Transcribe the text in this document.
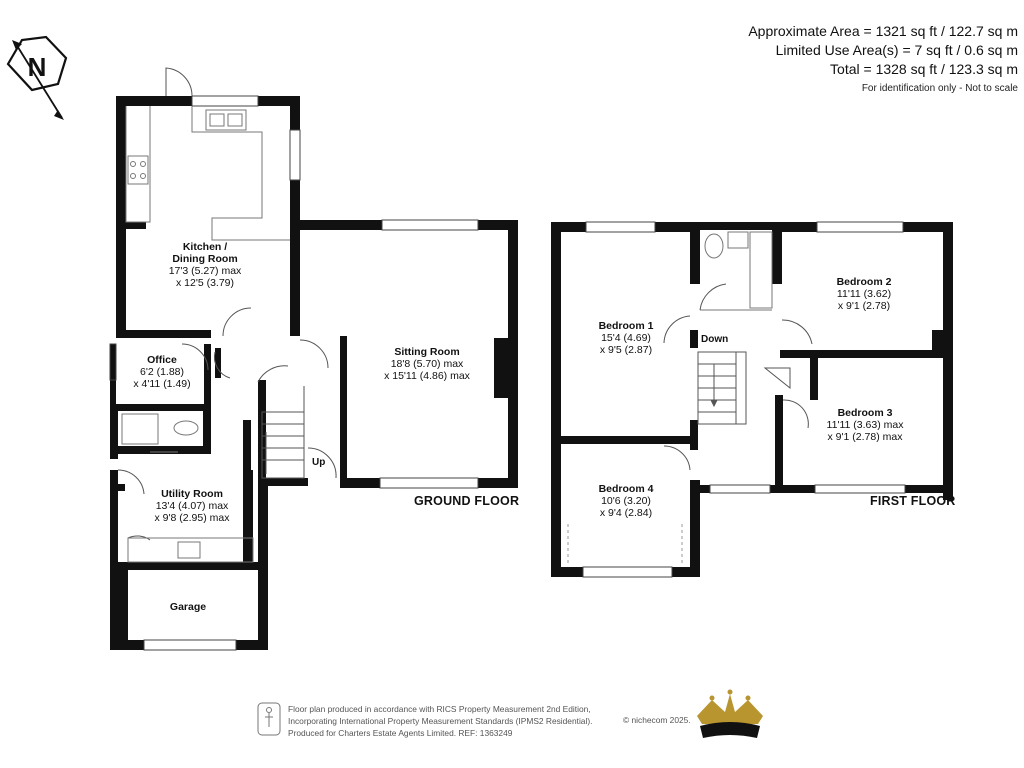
Approximate Area = 1321 sq ft / 122.7 sq m
Limited Use Area(s) = 7 sq ft / 0.6 sq m
Total = 1328 sq ft / 123.3 sq m
For identification only - Not to scale
N
Kitchen /
Dining Room
17'3 (5.27) max
x 12'5 (3.79)
Sitting Room
18'8 (5.70) max
x 15'11 (4.86) max
Office
6'2 (1.88)
x 4'11 (1.49)
Utility Room
13'4 (4.07) max
x 9'8 (2.95) max
Garage
Up
Down
Bedroom 1
15'4 (4.69)
x 9'5 (2.87)
Bedroom 2
11'11 (3.62)
x 9'1 (2.78)
Bedroom 3
11'11 (3.63) max
x 9'1 (2.78) max
Bedroom 4
10'6 (3.20)
x 9'4 (2.84)
GROUND FLOOR	FIRST FLOOR
Floor plan produced in accordance with RICS Property Measurement 2nd Edition,
Incorporating International Property Measurement Standards (IPMS2 Residential).
Produced for Charters Estate Agents Limited. REF: 1363249
© nichecom 2025.
